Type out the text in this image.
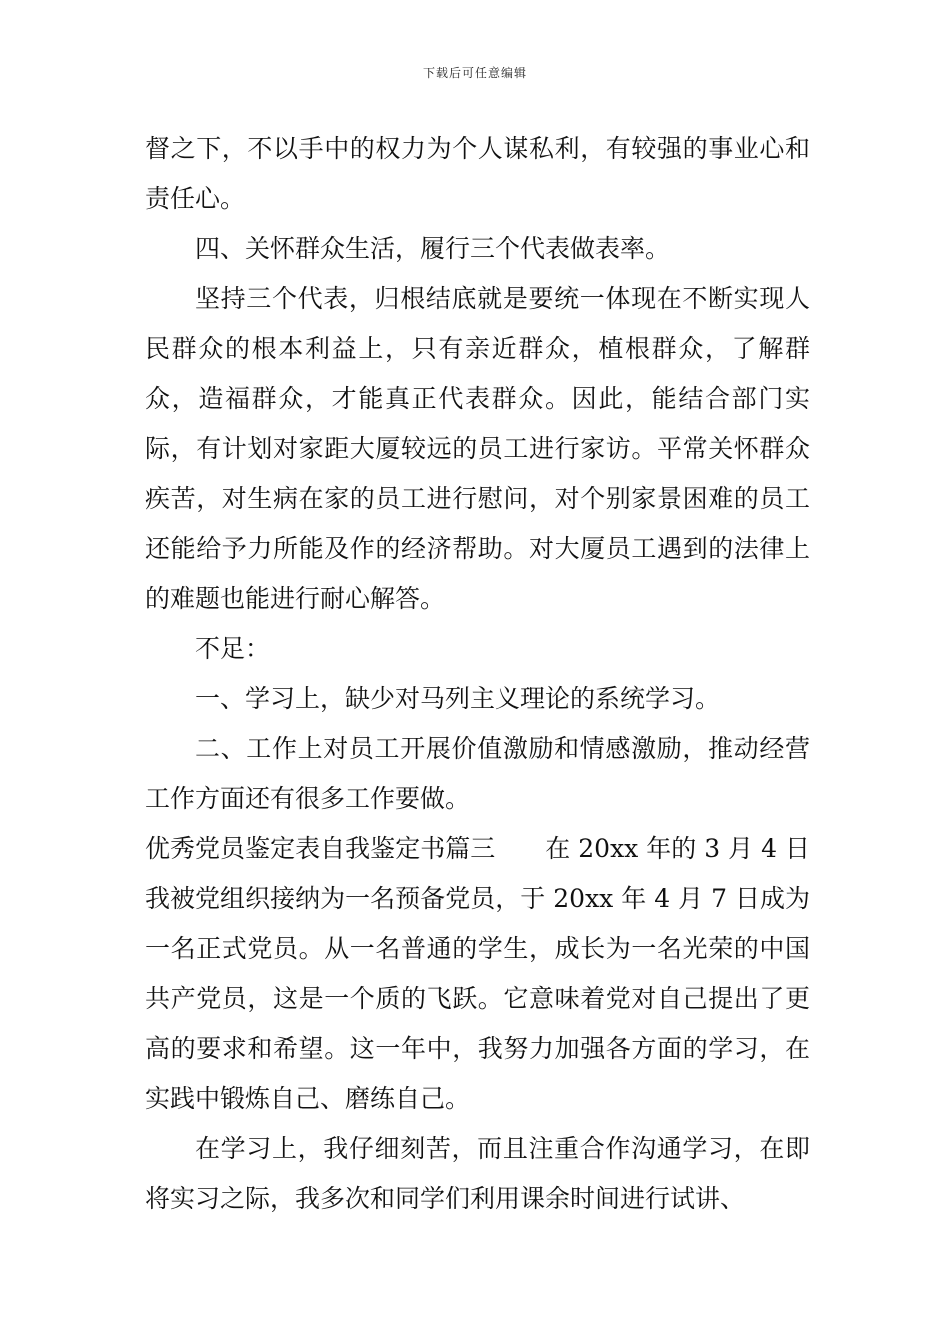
下载后可任意编辑

督之下，不以手中的权力为个人谋私利，有较强的事业心和责任心。

四、关怀群众生活，履行三个代表做表率。

坚持三个代表，归根结底就是要统一体现在不断实现人民群众的根本利益上，只有亲近群众，植根群众，了解群众，造福群众，才能真正代表群众。因此，能结合部门实际，有计划对家距大厦较远的员工进行家访。平常关怀群众疾苦，对生病在家的员工进行慰问，对个别家景困难的员工还能给予力所能及作的经济帮助。对大厦员工遇到的法律上的难题也能进行耐心解答。

不足：

一、学习上，缺少对马列主义理论的系统学习。

二、工作上对员工开展价值激励和情感激励，推动经营工作方面还有很多工作要做。

优秀党员鉴定表自我鉴定书篇三 在 20xx 年的 3 月 4 日我被党组织接纳为一名预备党员，于 20xx 年 4 月 7 日成为一名正式党员。从一名普通的学生，成长为一名光荣的中国共产党员，这是一个质的飞跃。它意味着党对自己提出了更高的要求和希望。这一年中，我努力加强各方面的学习，在实践中锻炼自己、磨练自己。

在学习上，我仔细刻苦，而且注重合作沟通学习，在即将实习之际，我多次和同学们利用课余时间进行试讲、
